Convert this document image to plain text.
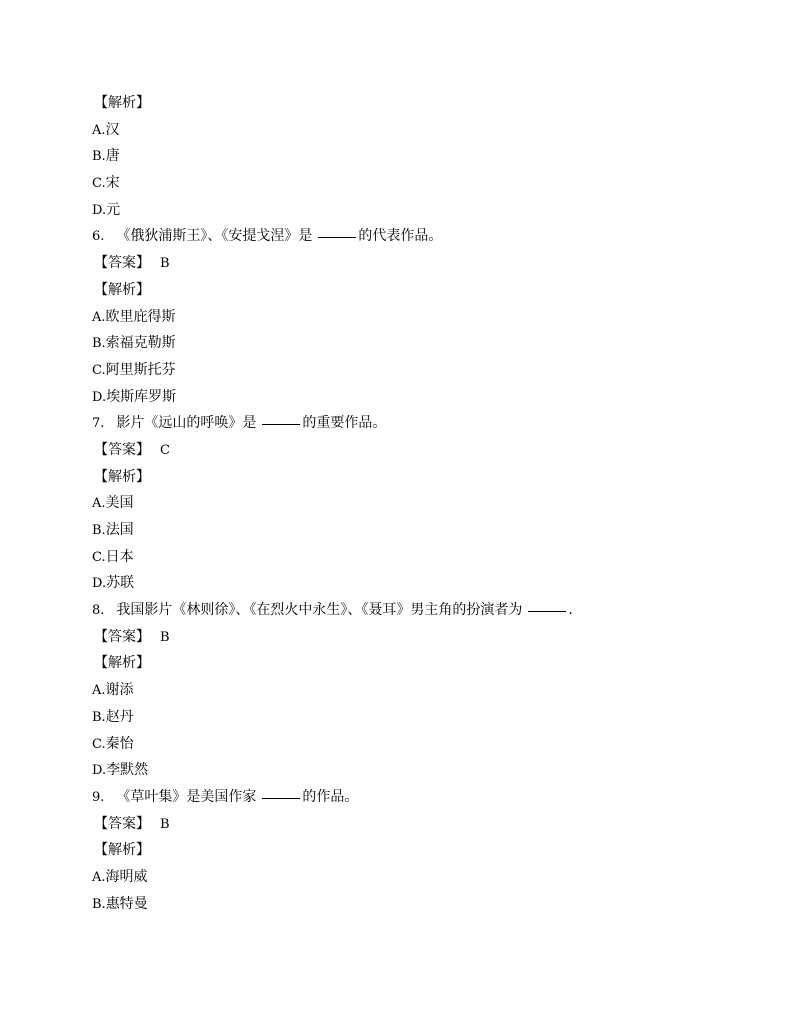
【解析】
A.汉
B.唐
C.宋
D.元
6. 《俄狄浦斯王》、《安提戈涅》是	的代表作品。
【答案】 B
【解析】
A.欧里庇得斯
B.索福克勒斯
C.阿里斯托芬
D.埃斯库罗斯
7. 影片《远山的呼唤》是	的重要作品。
【答案】 C
【解析】
A.美国
B.法国
C.日本
D.苏联
8. 我国影片《林则徐》、《在烈火中永生》、《聂耳》男主角的扮演者为	.
【答案】 B
【解析】
A.谢添
B.赵丹
C.秦怡
D.李默然
9. 《草叶集》是美国作家	的作品。
【答案】 B
【解析】
A.海明威
B.惠特曼
